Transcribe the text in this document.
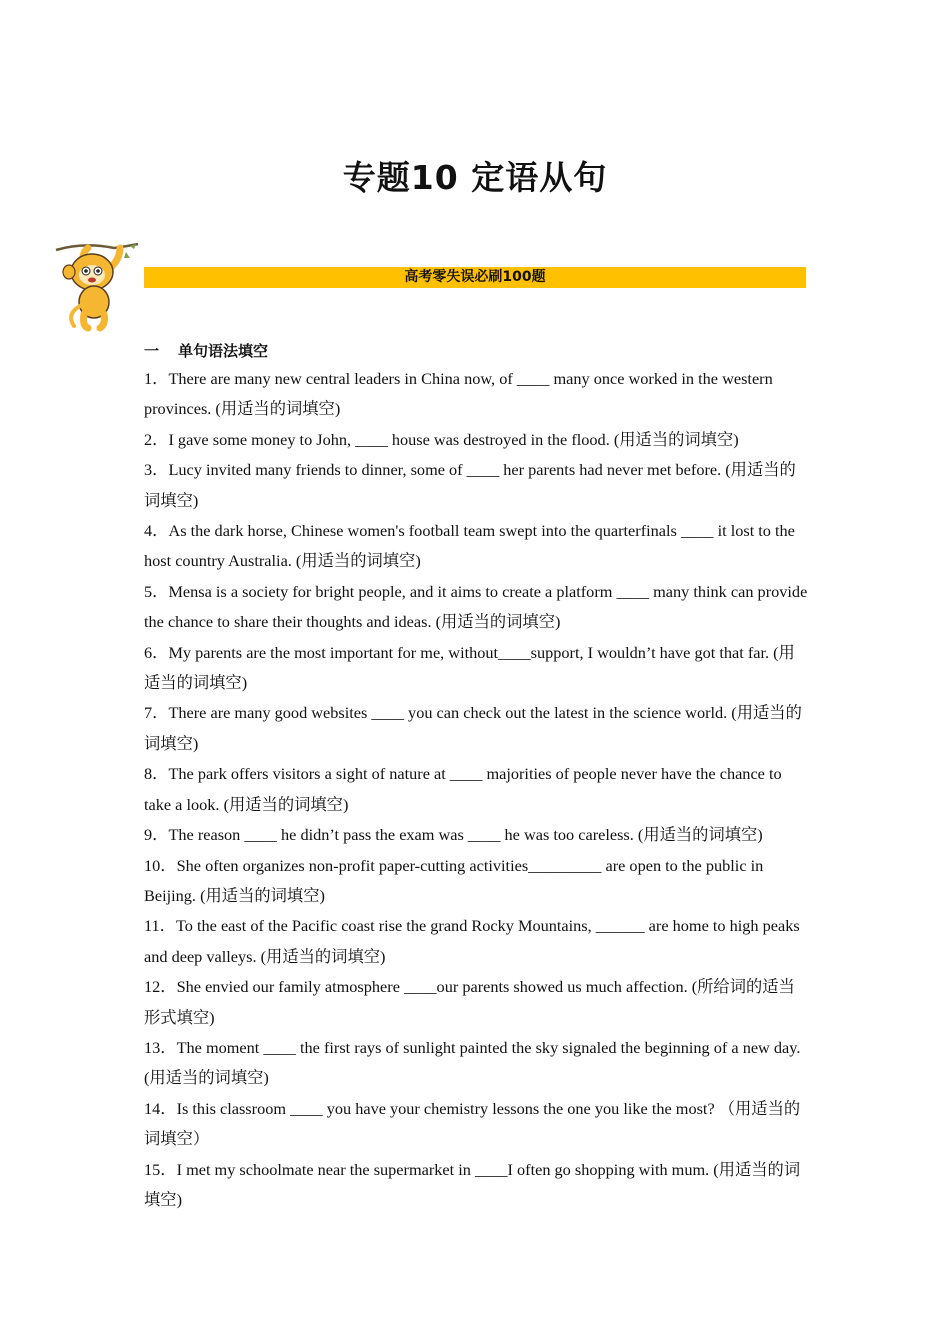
专题10 定语从句
高考零失误必刷100题
一 单句语法填空

1．There are many new central leaders in China now, of ____ many once worked in the western provinces. (用适当的词填空)

2．I gave some money to John, ____ house was destroyed in the flood. (用适当的词填空)

3．Lucy invited many friends to dinner, some of ____ her parents had never met before. (用适当的词填空)

4．As the dark horse, Chinese women's football team swept into the quarterfinals ____ it lost to the host country Australia. (用适当的词填空)

5．Mensa is a society for bright people, and it aims to create a platform ____ many think can provide the chance to share their thoughts and ideas. (用适当的词填空)

6．My parents are the most important for me, without____support, I wouldn’t have got that far. (用适当的词填空)

7．There are many good websites ____ you can check out the latest in the science world. (用适当的词填空)

8．The park offers visitors a sight of nature at ____ majorities of people never have the chance to take a look. (用适当的词填空)

9．The reason ____ he didn’t pass the exam was ____ he was too careless. (用适当的词填空)

10．She often organizes non-profit paper-cutting activities_________ are open to the public in Beijing. (用适当的词填空)

11．To the east of the Pacific coast rise the grand Rocky Mountains, ______ are home to high peaks and deep valleys. (用适当的词填空)

12．She envied our family atmosphere ____our parents showed us much affection. (所给词的适当形式填空)

13．The moment ____ the first rays of sunlight painted the sky signaled the beginning of a new day. (用适当的词填空)

14．Is this classroom ____ you have your chemistry lessons the one you like the most? （用适当的词填空）

15．I met my schoolmate near the supermarket in ____I often go shopping with mum. (用适当的词填空)
